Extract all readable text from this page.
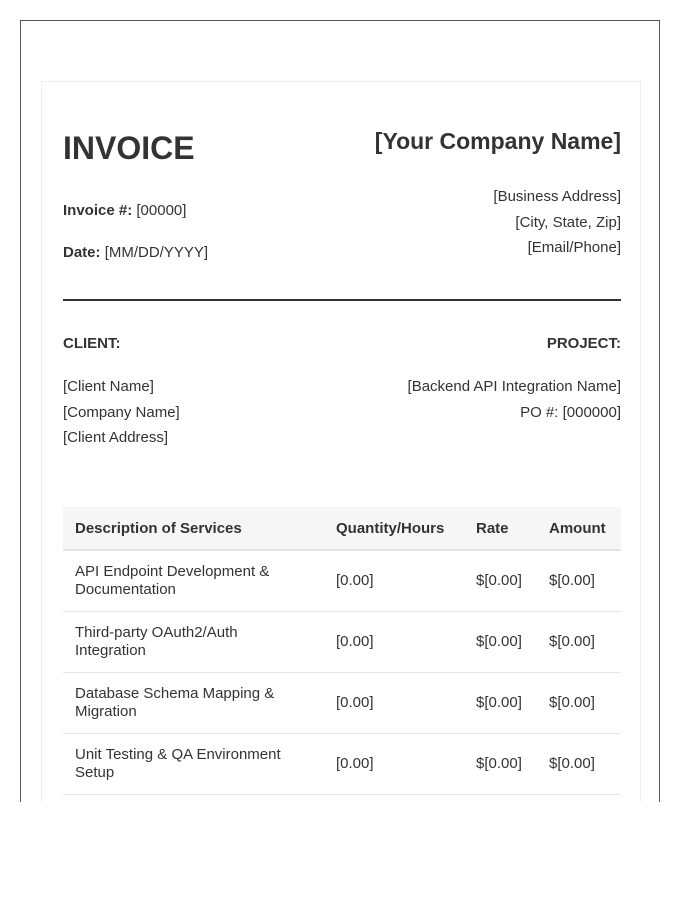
INVOICE	[Your Company Name]
Invoice #: [00000]
Date: [MM/DD/YYYY]
[Business Address]
[City, State, Zip]
[Email/Phone]
CLIENT:	PROJECT:
[Client Name]
[Company Name]
[Client Address]
[Backend API Integration Name]
PO #: [000000]
Description of Services	Quantity/Hours	Rate	Amount
API Endpoint Development & Documentation	[0.00]	$[0.00]	$[0.00]
Third-party OAuth2/Auth Integration	[0.00]	$[0.00]	$[0.00]
Database Schema Mapping & Migration	[0.00]	$[0.00]	$[0.00]
Unit Testing & QA Environment Setup	[0.00]	$[0.00]	$[0.00]
